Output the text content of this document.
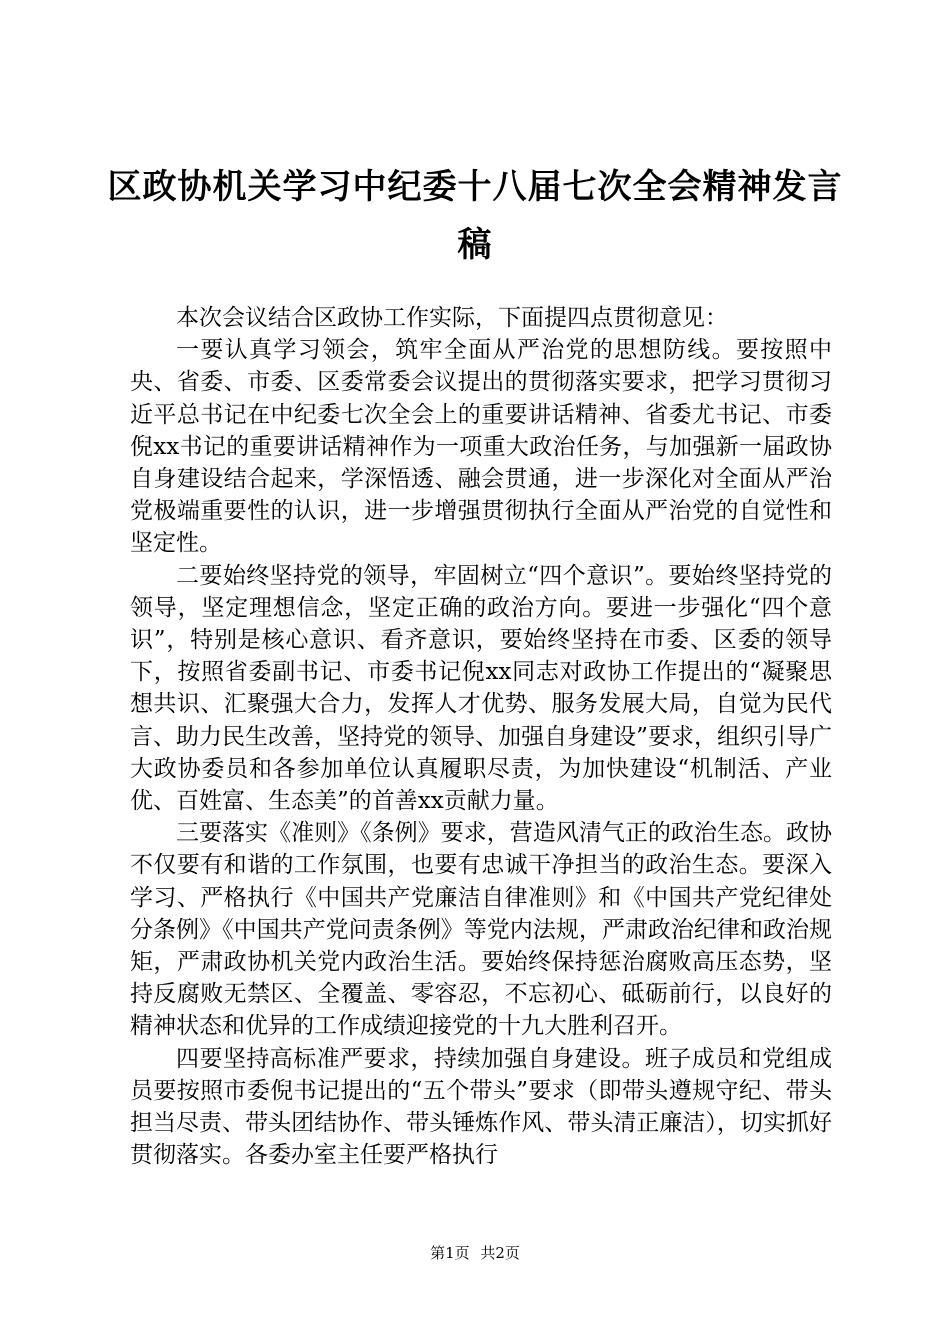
区政协机关学习中纪委十八届七次全会精神发言稿

本次会议结合区政协工作实际，下面提四点贯彻意见：

一要认真学习领会，筑牢全面从严治党的思想防线。要按照中央、省委、市委、区委常委会议提出的贯彻落实要求，把学习贯彻习近平总书记在中纪委七次全会上的重要讲话精神、省委尤书记、市委倪xx书记的重要讲话精神作为一项重大政治任务，与加强新一届政协自身建设结合起来，学深悟透、融会贯通，进一步深化对全面从严治党极端重要性的认识，进一步增强贯彻执行全面从严治党的自觉性和坚定性。

二要始终坚持党的领导，牢固树立“四个意识”。要始终坚持党的领导，坚定理想信念，坚定正确的政治方向。要进一步强化“四个意识”，特别是核心意识、看齐意识，要始终坚持在市委、区委的领导下，按照省委副书记、市委书记倪xx同志对政协工作提出的“凝聚思想共识、汇聚强大合力，发挥人才优势、服务发展大局，自觉为民代言、助力民生改善，坚持党的领导、加强自身建设”要求，组织引导广大政协委员和各参加单位认真履职尽责，为加快建设“机制活、产业优、百姓富、生态美”的首善xx贡献力量。

三要落实《准则》《条例》要求，营造风清气正的政治生态。政协不仅要有和谐的工作氛围，也要有忠诚干净担当的政治生态。要深入学习、严格执行《中国共产党廉洁自律准则》和《中国共产党纪律处分条例》《中国共产党问责条例》等党内法规，严肃政治纪律和政治规矩，严肃政协机关党内政治生活。要始终保持惩治腐败高压态势，坚持反腐败无禁区、全覆盖、零容忍，不忘初心、砥砺前行，以良好的精神状态和优异的工作成绩迎接党的十九大胜利召开。

四要坚持高标准严要求，持续加强自身建设。班子成员和党组成员要按照市委倪书记提出的“五个带头”要求（即带头遵规守纪、带头担当尽责、带头团结协作、带头锤炼作风、带头清正廉洁），切实抓好贯彻落实。各委办室主任要严格执行

第1页 共2页
